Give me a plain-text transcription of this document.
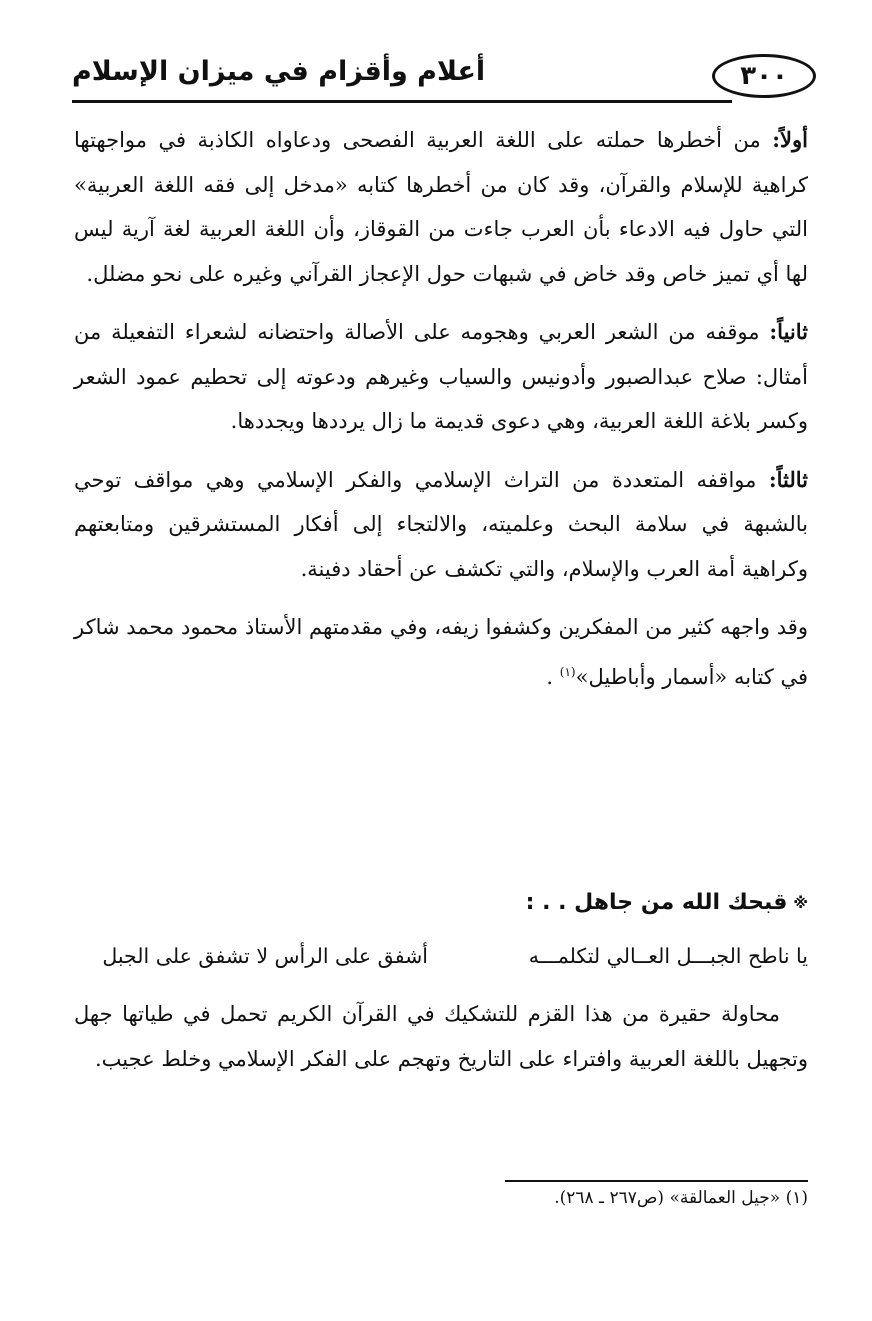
٣٠٠
أعلام وأقزام في ميزان الإسلام

أولاً: من أخطرها حملته على اللغة العربية الفصحى ودعاواه الكاذبة في مواجهتها كراهية للإسلام والقرآن، وقد كان من أخطرها كتابه «مدخل إلى فقه اللغة العربية» التي حاول فيه الادعاء بأن العرب جاءت من القوقاز، وأن اللغة العربية لغة آرية ليس لها أي تميز خاص وقد خاض في شبهات حول الإعجاز القرآني وغيره على نحو مضلل.

ثانياً: موقفه من الشعر العربي وهجومه على الأصالة واحتضانه لشعراء التفعيلة من أمثال: صلاح عبدالصبور وأدونيس والسياب وغيرهم ودعوته إلى تحطيم عمود الشعر وكسر بلاغة اللغة العربية، وهي دعوى قديمة ما زال يرددها ويجددها.

ثالثاً: مواقفه المتعددة من التراث الإسلامي والفكر الإسلامي وهي مواقف توحي بالشبهة في سلامة البحث وعلميته، والالتجاء إلى أفكار المستشرقين ومتابعتهم وكراهية أمة العرب والإسلام، والتي تكشف عن أحقاد دفينة.

وقد واجهه كثير من المفكرين وكشفوا زيفه، وفي مقدمتهم الأستاذ محمود محمد شاكر في كتابه «أسمار وأباطيل»$^{(١)}$ .

※قبحك الله من جاهل . . :
يا ناطح الجبـــل العــالي لتكلمـــه
أشفق على الرأس لا تشفق على الجبل
محاولة حقيرة من هذا القزم للتشكيك في القرآن الكريم تحمل في طياتها جهل وتجهيل باللغة العربية وافتراء على التاريخ وتهجم على الفكر الإسلامي وخلط عجيب.
(١) «جيل العمالقة» (ص٢٦٧ ـ ٢٦٨).
